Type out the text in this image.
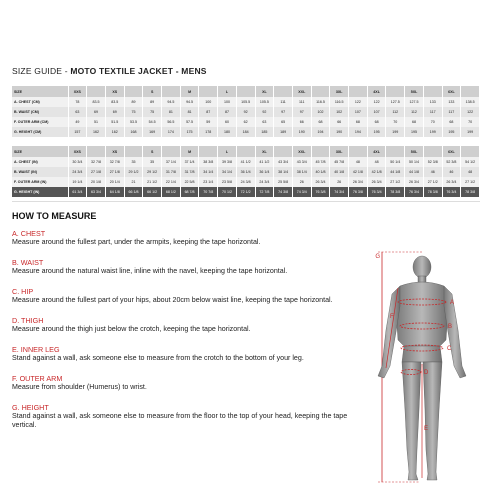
SIZE GUIDE - MOTO TEXTILE JACKET - MENS
SIZE	XXS		XS		S		M		L		XL		XXL		3XL		4XL		5XL		6XL	
A. CHEST (CM)	78	83.5	83.5	89	89	94.5	94.5	100	100	105.5	105.5	111	111	116.5	116.5	122	122	127.5	127.5	133	133	138.5
B. WAIST (CM)	63	69	69	75	75	81	81	87	87	92	92	97	97	102	102	107	107	112	112	117	117	122
F. OUTER ARM (CM)	49	51	51.5	53.5	54.5	56.5	57.5	59	60	62	63	65	66	68	66	68	68	70	68	70	68	70
G. HEIGHT (CM)	157	162	162	168	169	174	175	178	180	184	185	189	190	194	190	194	195	199	195	199	195	199
SIZE	XXS		XS		S		M		L		XL		XXL		3XL		4XL		5XL		6XL	
A. CHEST (IN)	30 3/4	32 7/8	32 7/8	35	35	37 1/4	37 1/4	38 3/8	39 3/8	41 1/2	41 1/2	43 3/4	43 3/4	45 7/8	45 7/8	48	48	50 1/4	50 1/4	52 3/8	52 3/8	54 1/2
B. WAIST (IN)	24 3/4	27 1/8	27 1/8	29 1/2	29 1/2	31 7/8	31 7/8	34 1/4	34 1/4	36 1/4	36 1/4	38 1/4	38 1/4	40 1/8	40 1/8	42 1/8	42 1/8	44 1/8	44 1/8	46	46	48
F. OUTER ARM (IN)	19 1/4	20 1/8	20 1/4	21	21 1/2	22 1/4	22 5/8	23 1/4	23 5/8	24 3/8	24 3/4	25 5/8	26	26 3/4	26	26 3/4	26 3/4	27 1/2	26 3/4	27 1/2	26 3/4	27 1/2
G. HEIGHT (IN)	61 3/4	63 3/4	64 1/8	66 1/8	66 1/2	68 1/2	68 7/8	70 7/8	70 1/2	72 1/2	72 7/8	74 3/8	74 3/4	76 3/8	74 3/4	76 3/8	76 3/4	78 3/8	76 3/4	78 3/8	76 3/4	78 3/8
HOW TO MEASURE
A. CHEST
Measure around the fullest part, under the armpits, keeping the tape horizontal.
B. WAIST
Measure around the natural waist line, inline with the navel, keeping the tape horizontal.
C. HIP
Measure around the fullest part of your hips, about 20cm below waist line, keeping the tape horizontal.
D. THIGH
Measure around the thigh just below the crotch, keeping the tape horizontal.
E. INNER LEG
Stand against a wall, ask someone else to measure from the crotch to the bottom of your leg.
F. OUTER ARM
Measure from shoulder (Humerus) to wrist.
G. HEIGHT
Stand against a wall, ask someone else to measure from the floor to the top of your head, keeping the tape vertical.
G
F
A
B
C
D
E
